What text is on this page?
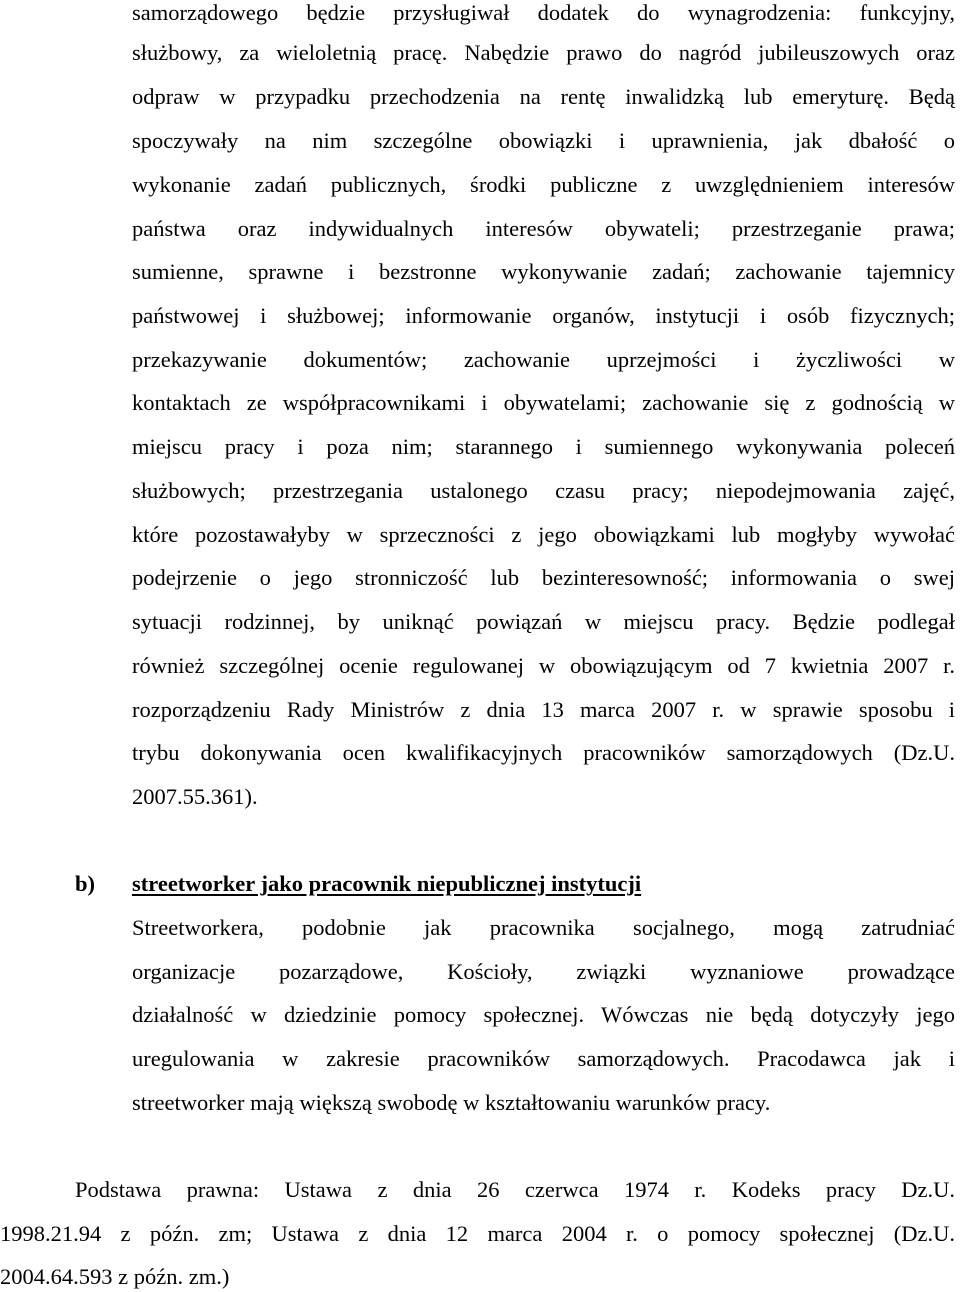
samorządowego będzie przysługiwał dodatek do wynagrodzenia: funkcyjny,
służbowy, za wieloletnią pracę. Nabędzie prawo do nagród jubileuszowych oraz
odpraw w przypadku przechodzenia na rentę inwalidzką lub emeryturę. Będą
spoczywały na nim szczególne obowiązki i uprawnienia, jak dbałość o
wykonanie zadań publicznych, środki publiczne z uwzględnieniem interesów
państwa oraz indywidualnych interesów obywateli; przestrzeganie prawa;
sumienne, sprawne i bezstronne wykonywanie zadań; zachowanie tajemnicy
państwowej i służbowej; informowanie organów, instytucji i osób fizycznych;
przekazywanie dokumentów; zachowanie uprzejmości i życzliwości w
kontaktach ze współpracownikami i obywatelami; zachowanie się z godnością w
miejscu pracy i poza nim; starannego i sumiennego wykonywania poleceń
służbowych; przestrzegania ustalonego czasu pracy; niepodejmowania zajęć,
które pozostawałyby w sprzeczności z jego obowiązkami lub mogłyby wywołać
podejrzenie o jego stronniczość lub bezinteresowność; informowania o swej
sytuacji rodzinnej, by uniknąć powiązań w miejscu pracy. Będzie podlegał
również szczególnej ocenie regulowanej w obowiązującym od 7 kwietnia 2007 r.
rozporządzeniu Rady Ministrów z dnia 13 marca 2007 r. w sprawie sposobu i
trybu dokonywania ocen kwalifikacyjnych pracowników samorządowych (Dz.U.
2007.55.361).
b) streetworker jako pracownik niepublicznej instytucji
Streetworkera, podobnie jak pracownika socjalnego, mogą zatrudniać
organizacje pozarządowe, Kościoły, związki wyznaniowe prowadzące
działalność w dziedzinie pomocy społecznej. Wówczas nie będą dotyczyły jego
uregulowania w zakresie pracowników samorządowych. Pracodawca jak i
streetworker mają większą swobodę w kształtowaniu warunków pracy.
Podstawa prawna: Ustawa z dnia 26 czerwca 1974 r. Kodeks pracy Dz.U.
1998.21.94 z późn. zm; Ustawa z dnia 12 marca 2004 r. o pomocy społecznej (Dz.U.
2004.64.593 z późn. zm.)
